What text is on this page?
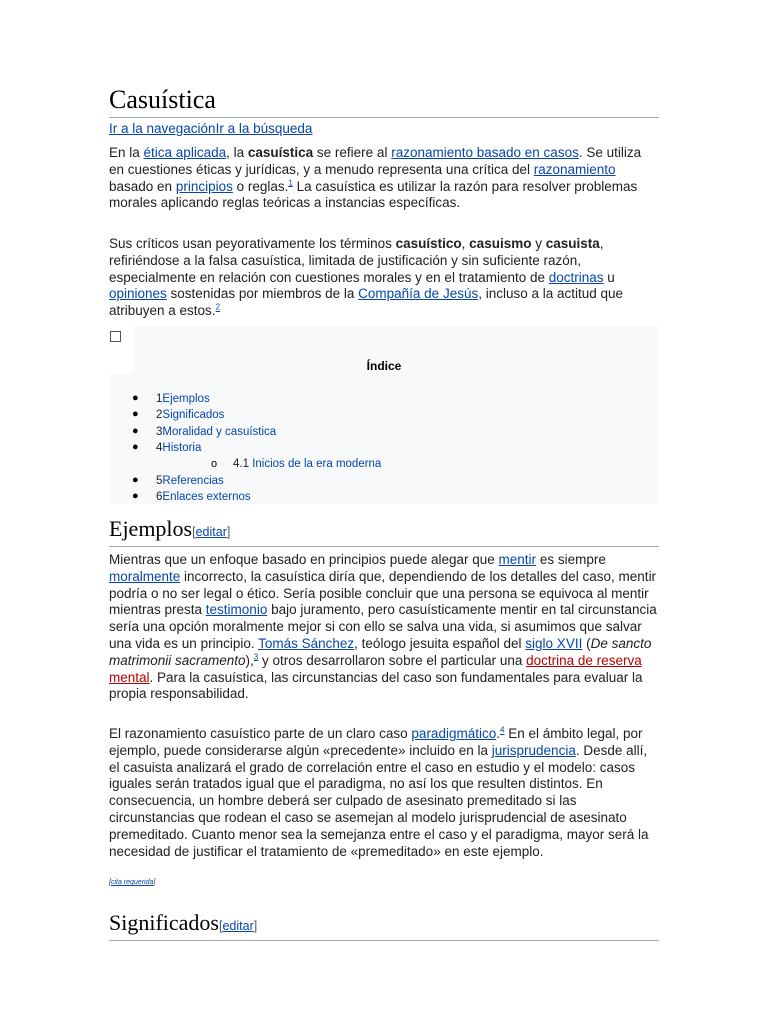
Casuística
Ir a la navegaciónIr a la búsqueda

En la ética aplicada, la casuística se refiere al razonamiento basado en casos. Se utiliza en cuestiones éticas y jurídicas, y a menudo representa una crítica del razonamiento basado en principios o reglas.$^1$ La casuística es utilizar la razón para resolver problemas morales aplicando reglas teóricas a instancias específicas.

Sus críticos usan peyorativamente los términos casuístico, casuismo y casuista, refiriéndose a la falsa casuística, limitada de justificación y sin suficiente razón, especialmente en relación con cuestiones morales y en el tratamiento de doctrinas u opiniones sostenidas por miembros de la Compañía de Jesús, incluso a la actitud que atribuyen a estos.$^2$

Índice
● 1Ejemplos
● 2Significados
● 3Moralidad y casuística
● 4Historia
o 4.1 Inicios de la era moderna
● 5Referencias
● 6Enlaces externos
Ejemplos[editar]

Mientras que un enfoque basado en principios puede alegar que mentir es siempre moralmente incorrecto, la casuística diría que, dependiendo de los detalles del caso, mentir podría o no ser legal o ético. Sería posible concluir que una persona se equivoca al mentir mientras presta testimonio bajo juramento, pero casuísticamente mentir en tal circunstancia sería una opción moralmente mejor si con ello se salva una vida, si asumimos que salvar una vida es un principio. Tomás Sánchez, teólogo jesuita español del siglo XVII (De sancto matrimonii sacramento),$^3$ y otros desarrollaron sobre el particular una doctrina de reserva mental. Para la casuística, las circunstancias del caso son fundamentales para evaluar la propia responsabilidad.

El razonamiento casuístico parte de un claro caso paradigmático.$^4$ En el ámbito legal, por ejemplo, puede considerarse algún «precedente» incluido en la jurisprudencia. Desde allí, el casuista analizará el grado de correlación entre el caso en estudio y el modelo: casos iguales serán tratados igual que el paradigma, no así los que resulten distintos. En consecuencia, un hombre deberá ser culpado de asesinato premeditado si las circunstancias que rodean el caso se asemejan al modelo jurisprudencial de asesinato premeditado. Cuanto menor sea la semejanza entre el caso y el paradigma, mayor será la necesidad de justificar el tratamiento de «premeditado» en este ejemplo.

[cita requerida]
Significados[editar]
